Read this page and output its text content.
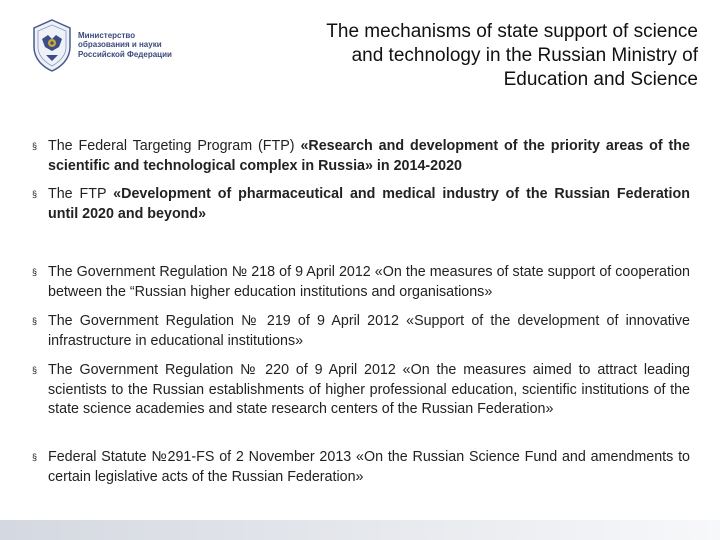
Министерство
образования и науки
Российской Федерации
The mechanisms of state support of science
and technology in the Russian Ministry of
Education and Science
§ The Federal Targeting Program (FTP) «Research and development of the priority areas of the scientific and technological complex in Russia» in 2014-2020
§ The FTP «Development of pharmaceutical and medical industry of the Russian Federation until 2020 and beyond»
§ The Government Regulation № 218 of 9 April 2012 «On the measures of state support of cooperation between the “Russian higher education institutions and organisations»
§ The Government Regulation № 219 of 9 April 2012 «Support of the development of innovative infrastructure in educational institutions»
§ The Government Regulation № 220 of 9 April 2012 «On the measures aimed to attract leading scientists to the Russian establishments of higher professional education, scientific institutions of the state science academies and state research centers of the Russian Federation»
§ Federal Statute №291-FS of 2 November 2013 «On the Russian Science Fund and amendments to certain legislative acts of the Russian Federation»
